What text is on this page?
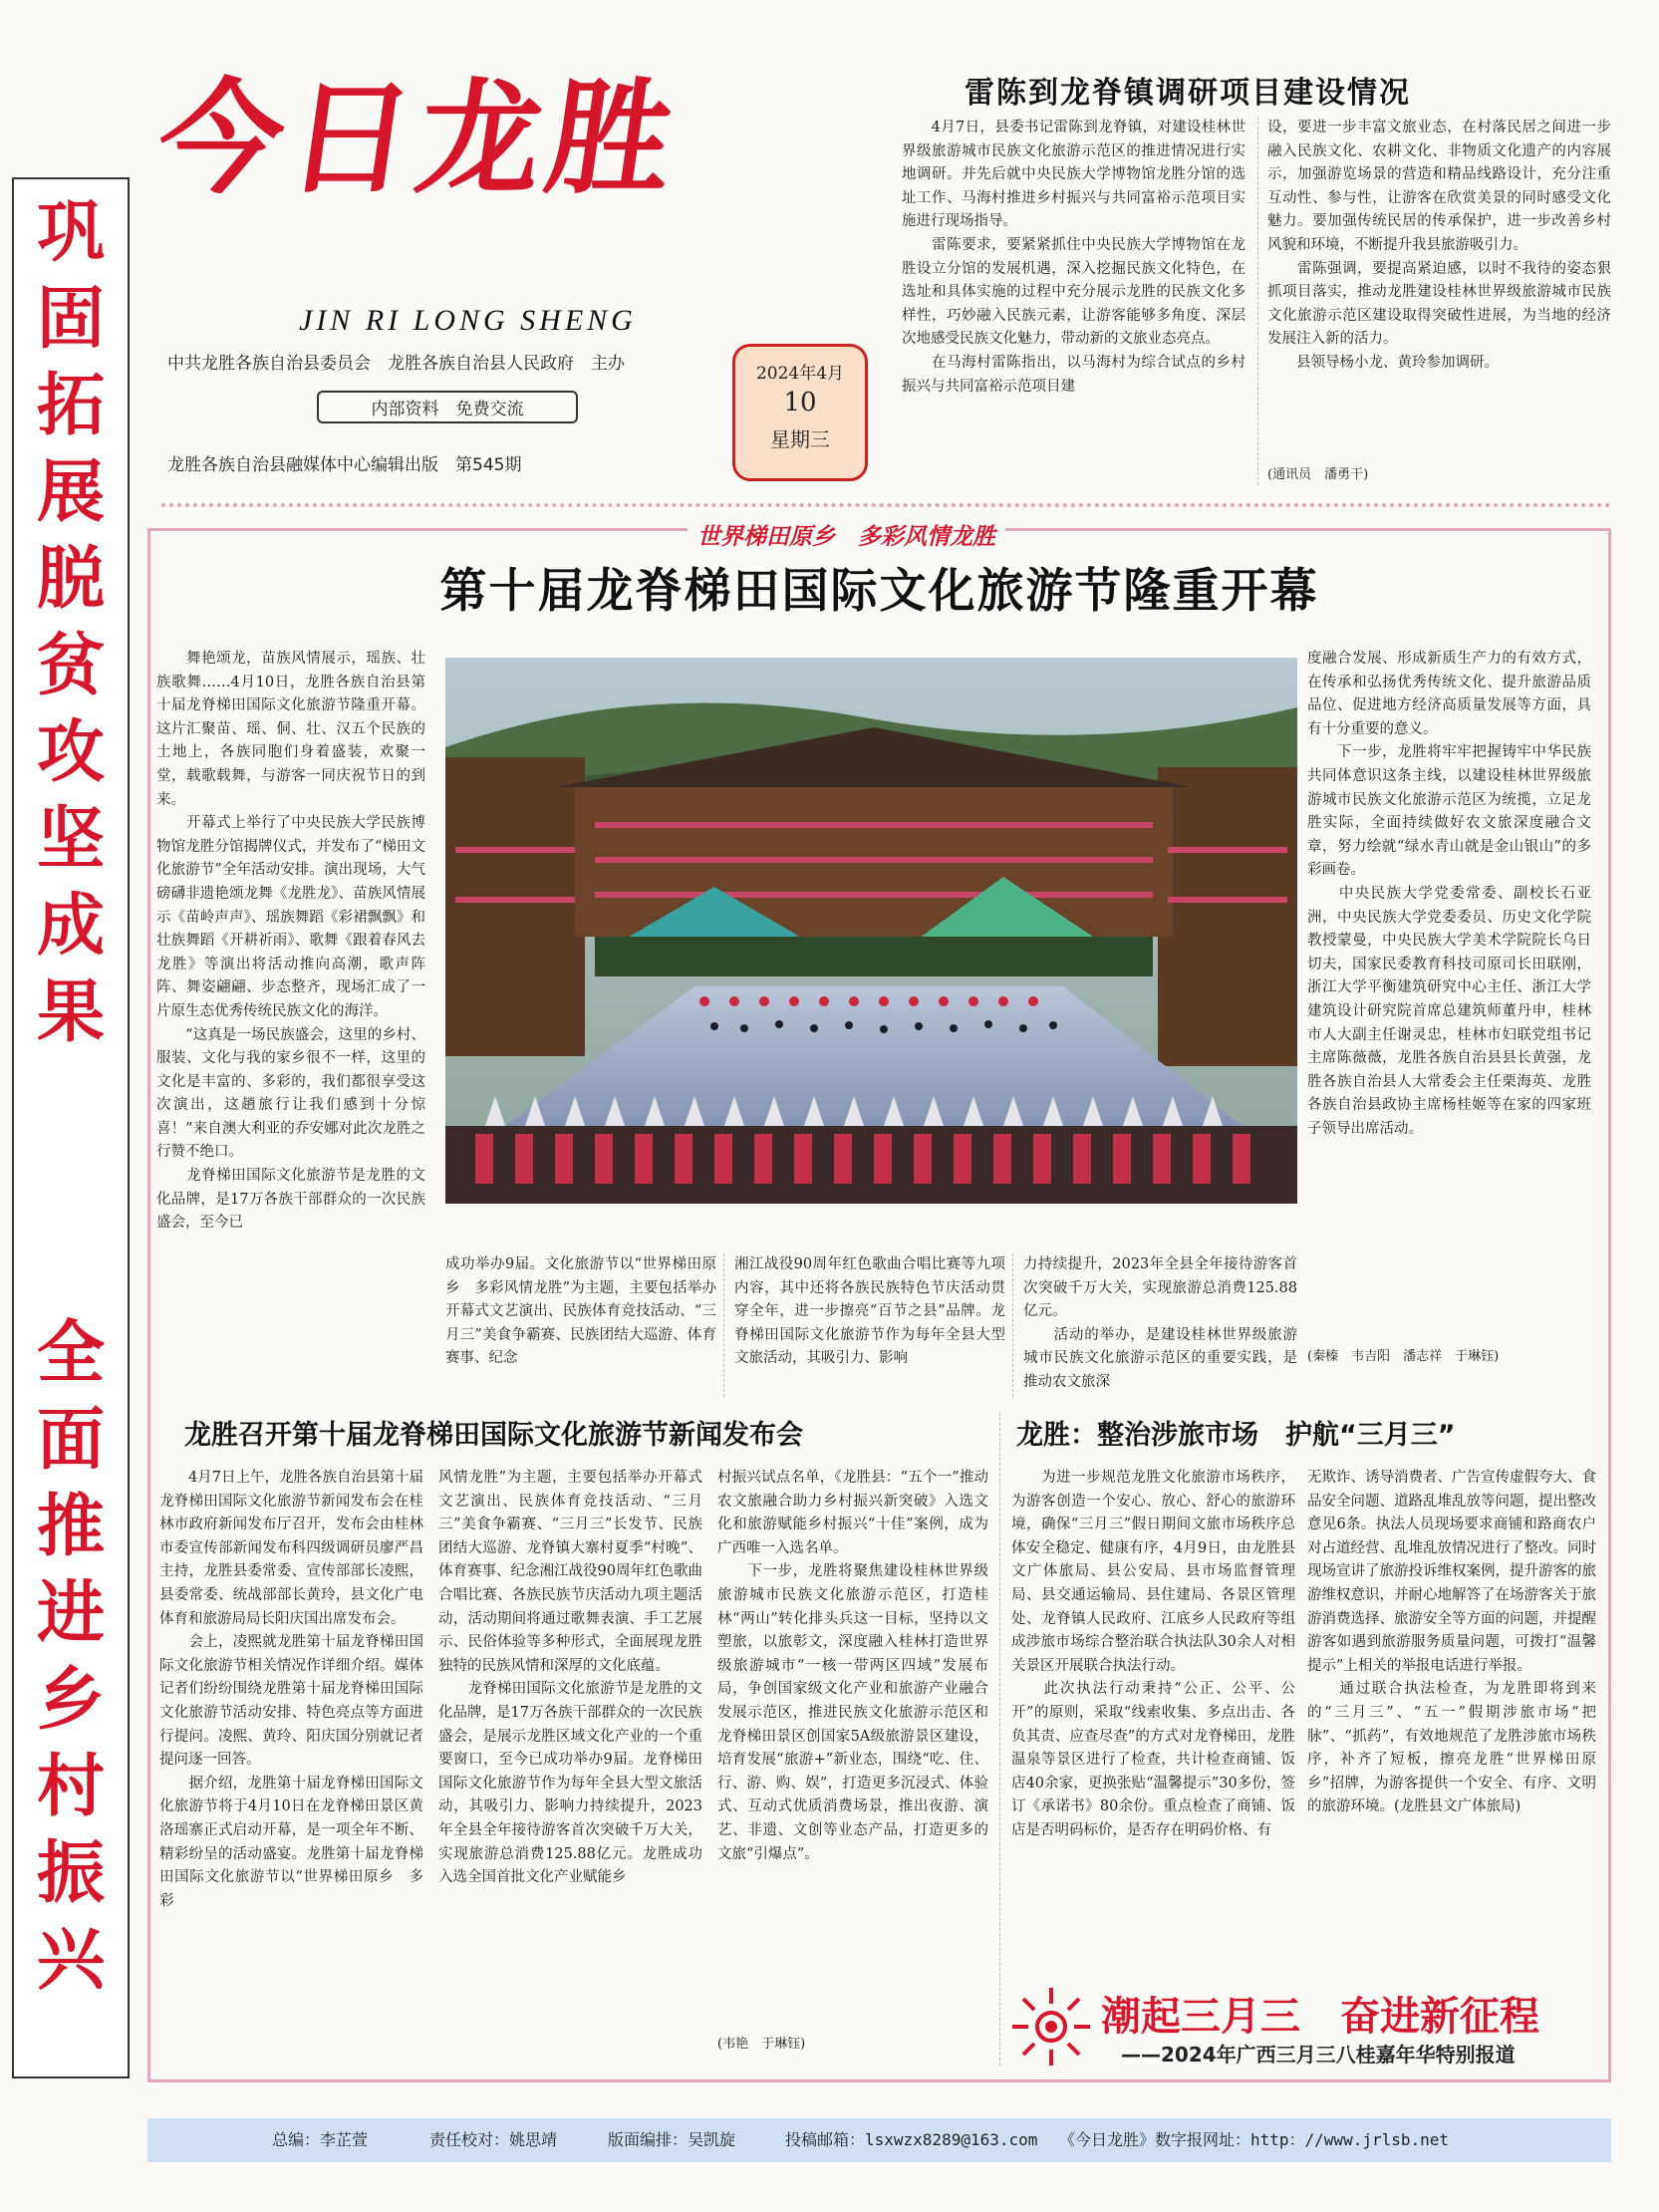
巩固拓展脱贫攻坚成果
全面推进乡村振兴
今日龙胜
JIN RI LONG SHENG
中共龙胜各族自治县委员会　龙胜各族自治县人民政府　主办
内部资料　免费交流
龙胜各族自治县融媒体中心编辑出版　第545期
2024年4月
10
星期三
雷陈到龙脊镇调研项目建设情况
　　4月7日，县委书记雷陈到龙脊镇，对建设桂林世界级旅游城市民族文化旅游示范区的推进情况进行实地调研。并先后就中央民族大学博物馆龙胜分馆的选址工作、马海村推进乡村振兴与共同富裕示范项目实施进行现场指导。
　　雷陈要求，要紧紧抓住中央民族大学博物馆在龙胜设立分馆的发展机遇，深入挖掘民族文化特色，在选址和具体实施的过程中充分展示龙胜的民族文化多样性，巧妙融入民族元素，让游客能够多角度、深层次地感受民族文化魅力，带动新的文旅业态亮点。
　　在马海村雷陈指出，以马海村为综合试点的乡村振兴与共同富裕示范项目建
设，要进一步丰富文旅业态，在村落民居之间进一步融入民族文化、农耕文化、非物质文化遗产的内容展示，加强游览场景的营造和精品线路设计，充分注重互动性、参与性，让游客在欣赏美景的同时感受文化魅力。要加强传统民居的传承保护，进一步改善乡村风貌和环境，不断提升我县旅游吸引力。
　　雷陈强调，要提高紧迫感，以时不我待的姿态狠抓项目落实，推动龙胜建设桂林世界级旅游城市民族文化旅游示范区建设取得突破性进展，为当地的经济发展注入新的活力。
　　县领导杨小龙、黄玲参加调研。
(通讯员　潘勇干)
世界梯田原乡　多彩风情龙胜
第十届龙脊梯田国际文化旅游节隆重开幕
　　舞艳颂龙，苗族风情展示，瑶族、壮族歌舞……4月10日，龙胜各族自治县第十届龙脊梯田国际文化旅游节隆重开幕。这片汇聚苗、瑶、侗、壮、汉五个民族的土地上，各族同胞们身着盛装，欢聚一堂，载歌载舞，与游客一同庆祝节日的到来。
　　开幕式上举行了中央民族大学民族博物馆龙胜分馆揭牌仪式，并发布了“梯田文化旅游节”全年活动安排。演出现场，大气磅礴非遗艳颂龙舞《龙胜龙》、苗族风情展示《苗岭声声》、瑶族舞蹈《彩裙飘飘》和壮族舞蹈《开耕祈雨》、歌舞《跟着春风去龙胜》等演出将活动推向高潮，歌声阵阵、舞姿翩翩、步态整齐，现场汇成了一片原生态优秀传统民族文化的海洋。
　　“这真是一场民族盛会，这里的乡村、服装、文化与我的家乡很不一样，这里的文化是丰富的、多彩的，我们都很享受这次演出，这趟旅行让我们感到十分惊喜！”来自澳大利亚的乔安娜对此次龙胜之行赞不绝口。
　　龙脊梯田国际文化旅游节是龙胜的文化品牌，是17万各族干部群众的一次民族盛会，至今已
度融合发展、形成新质生产力的有效方式，在传承和弘扬优秀传统文化、提升旅游品质品位、促进地方经济高质量发展等方面，具有十分重要的意义。
　　下一步，龙胜将牢牢把握铸牢中华民族共同体意识这条主线，以建设桂林世界级旅游城市民族文化旅游示范区为统揽，立足龙胜实际，全面持续做好农文旅深度融合文章，努力绘就“绿水青山就是金山银山”的多彩画卷。
　　中央民族大学党委常委、副校长石亚洲，中央民族大学党委委员、历史文化学院教授蒙曼，中央民族大学美术学院院长乌日切夫，国家民委教育科技司原司长田联刚，浙江大学平衡建筑研究中心主任、浙江大学建筑设计研究院首席总建筑师董丹申，桂林市人大副主任谢灵忠，桂林市妇联党组书记主席陈薇薇，龙胜各族自治县县长黄强，龙胜各族自治县人大常委会主任栗海英、龙胜各族自治县政协主席杨桂姬等在家的四家班子领导出席活动。
(秦榛　韦吉阳　潘志祥　于琳钰)
成功举办9届。文化旅游节以“世界梯田原乡　多彩风情龙胜”为主题，主要包括举办开幕式文艺演出、民族体育竞技活动、“三月三”美食争霸赛、民族团结大巡游、体育赛事、纪念
湘江战役90周年红色歌曲合唱比赛等九项内容，其中还将各族民族特色节庆活动贯穿全年，进一步擦亮“百节之县”品牌。龙脊梯田国际文化旅游节作为每年全县大型文旅活动，其吸引力、影响
力持续提升，2023年全县全年接待游客首次突破千万大关，实现旅游总消费125.88亿元。
　　活动的举办，是建设桂林世界级旅游城市民族文化旅游示范区的重要实践，是推动农文旅深
龙胜召开第十届龙脊梯田国际文化旅游节新闻发布会	龙胜：整治涉旅市场　护航“三月三”
　　4月7日上午，龙胜各族自治县第十届龙脊梯田国际文化旅游节新闻发布会在桂林市政府新闻发布厅召开，发布会由桂林市委宣传部新闻发布科四级调研员廖严昌主持，龙胜县委常委、宣传部部长凌熙，县委常委、统战部部长黄玲，县文化广电体育和旅游局局长阳庆国出席发布会。
　　会上，凌熙就龙胜第十届龙脊梯田国际文化旅游节相关情况作详细介绍。媒体记者们纷纷围绕龙胜第十届龙脊梯田国际文化旅游节活动安排、特色亮点等方面进行提问。凌熙、黄玲、阳庆国分别就记者提问逐一回答。
　　据介绍，龙胜第十届龙脊梯田国际文化旅游节将于4月10日在龙脊梯田景区黄洛瑶寨正式启动开幕，是一项全年不断、精彩纷呈的活动盛宴。龙胜第十届龙脊梯田国际文化旅游节以“世界梯田原乡　多彩
风情龙胜”为主题，主要包括举办开幕式文艺演出、民族体育竞技活动、“三月三”美食争霸赛、“三月三”长发节、民族团结大巡游、龙脊镇大寨村夏季“村晚”、体育赛事、纪念湘江战役90周年红色歌曲合唱比赛、各族民族节庆活动九项主题活动，活动期间将通过歌舞表演、手工艺展示、民俗体验等多种形式，全面展现龙胜独特的民族风情和深厚的文化底蕴。
　　龙脊梯田国际文化旅游节是龙胜的文化品牌，是17万各族干部群众的一次民族盛会，是展示龙胜区域文化产业的一个重要窗口，至今已成功举办9届。龙脊梯田国际文化旅游节作为每年全县大型文旅活动，其吸引力、影响力持续提升，2023年全县全年接待游客首次突破千万大关，实现旅游总消费125.88亿元。龙胜成功入选全国首批文化产业赋能乡
村振兴试点名单，《龙胜县：“五个一”推动农文旅融合助力乡村振兴新突破》入选文化和旅游赋能乡村振兴“十佳”案例，成为广西唯一入选名单。
　　下一步，龙胜将聚焦建设桂林世界级旅游城市民族文化旅游示范区，打造桂林“两山”转化排头兵这一目标，坚持以文塑旅，以旅彰文，深度融入桂林打造世界级旅游城市“一核一带两区四域”发展布局，争创国家级文化产业和旅游产业融合发展示范区，推进民族文化旅游示范区和龙脊梯田景区创国家5A级旅游景区建设，培育发展“旅游+”新业态，围绕“吃、住、行、游、购、娱”，打造更多沉浸式、体验式、互动式优质消费场景，推出夜游、演艺、非遗、文创等业态产品，打造更多的文旅“引爆点”。
(韦艳　于琳钰)
　　为进一步规范龙胜文化旅游市场秩序，为游客创造一个安心、放心、舒心的旅游环境，确保“三月三”假日期间文旅市场秩序总体安全稳定、健康有序，4月9日，由龙胜县文广体旅局、县公安局、县市场监督管理局、县交通运输局、县住建局、各景区管理处、龙脊镇人民政府、江底乡人民政府等组成涉旅市场综合整治联合执法队30余人对相关景区开展联合执法行动。
　　此次执法行动秉持“公正、公平、公开”的原则，采取“线索收集、多点出击、各负其责、应查尽查”的方式对龙脊梯田，龙胜温泉等景区进行了检查，共计检查商铺、饭店40余家，更换张贴“温馨提示”30多份，签订《承诺书》80余份。重点检查了商铺、饭店是否明码标价，是否存在明码价格、有
无欺诈、诱导消费者、广告宣传虚假夸大、食品安全问题、道路乱堆乱放等问题，提出整改意见6条。执法人员现场要求商铺和路商农户对占道经营、乱堆乱放情况进行了整改。同时现场宣讲了旅游投诉维权案例，提升游客的旅游维权意识，并耐心地解答了在场游客关于旅游消费选择、旅游安全等方面的问题，并提醒游客如遇到旅游服务质量问题，可拨打“温馨提示”上相关的举报电话进行举报。
　　通过联合执法检查，为龙胜即将到来的“三月三”、“五一”假期涉旅市场“把脉”、“抓药”，有效地规范了龙胜涉旅市场秩序，补齐了短板，擦亮龙胜“世界梯田原乡”招牌，为游客提供一个安全、有序、文明的旅游环境。(龙胜县文广体旅局)
潮起三月三　奋进新征程
——2024年广西三月三八桂嘉年华特别报道
总编：李芷萱	责任校对：姚思靖	版面编排：吴凯旋	投稿邮箱：lsxwzx8289@163.com 《今日龙胜》数字报网址：http：//www.jrlsb.net
